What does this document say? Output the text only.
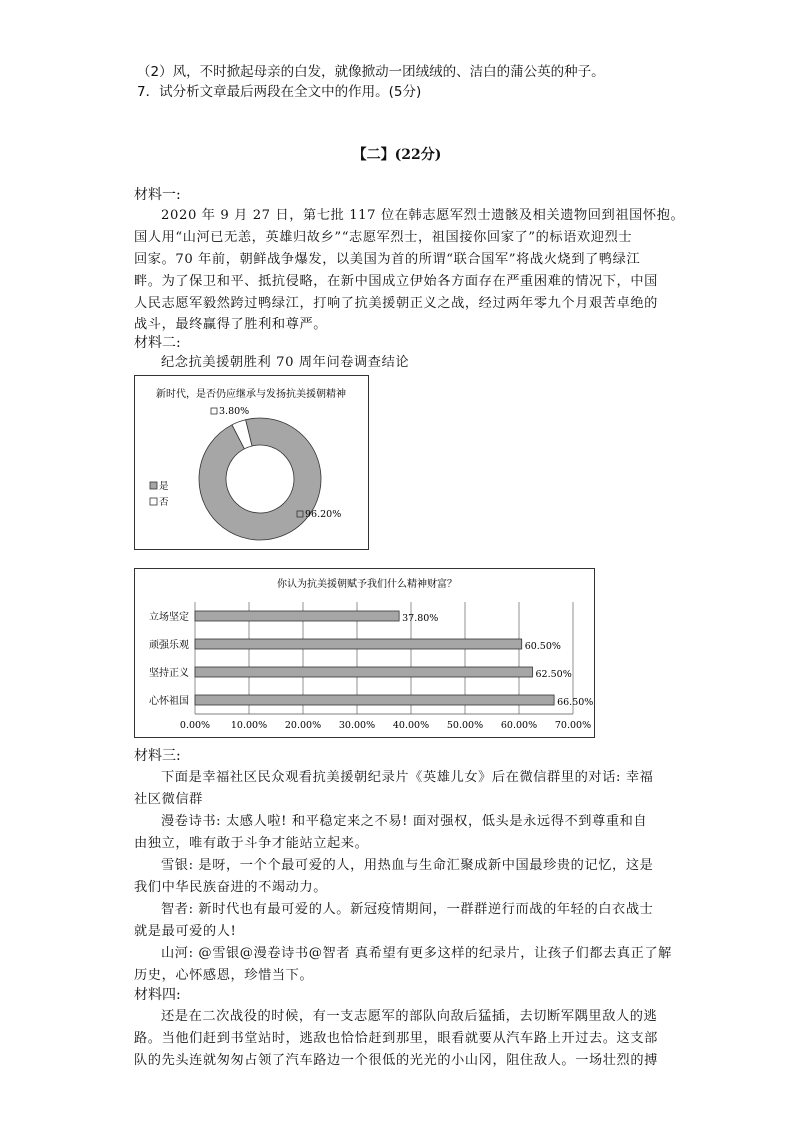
（2）风，不时掀起母亲的白发，就像掀动一团绒绒的、洁白的蒲公英的种子。
7．试分析文章最后两段在全文中的作用。(5分)
【二】(22分)
材料一:
2020 年 9 月 27 日，第七批 117 位在韩志愿军烈士遗骸及相关遗物回到祖国怀抱。
国人用“山河已无恙，英雄归故乡”“志愿军烈士，祖国接你回家了”的标语欢迎烈士
回家。70 年前，朝鲜战争爆发，以美国为首的所谓“联合国军”将战火烧到了鸭绿江
畔。为了保卫和平、抵抗侵略，在新中国成立伊始各方面存在严重困难的情况下，中国
人民志愿军毅然跨过鸭绿江，打响了抗美援朝正义之战，经过两年零九个月艰苦卓绝的
战斗，最终赢得了胜利和尊严。
材料二:
纪念抗美援朝胜利 70 周年问卷调查结论
新时代，是否仍应继承与发扬抗美援朝精神
3.80%
96.20%
是
否
你认为抗美援朝赋予我们什么精神财富？
0.00% 10.00% 20.00% 30.00% 40.00% 50.00% 60.00% 70.00%
立场坚定	37.80%
顽强乐观	60.50%
坚持正义	62.50%
心怀祖国	66.50%
材料三:
下面是幸福社区民众观看抗美援朝纪录片《英雄儿女》后在微信群里的对话: 幸福
社区微信群
漫卷诗书: 太感人啦! 和平稳定来之不易! 面对强权，低头是永远得不到尊重和自
由独立，唯有敢于斗争才能站立起来。
雪银: 是呀，一个个最可爱的人，用热血与生命汇聚成新中国最珍贵的记忆，这是
我们中华民族奋进的不竭动力。
智者: 新时代也有最可爱的人。新冠疫情期间，一群群逆行而战的年轻的白衣战士
就是最可爱的人!
山河: @雪银@漫卷诗书@智者 真希望有更多这样的纪录片，让孩子们都去真正了解
历史，心怀感恩，珍惜当下。
材料四:
还是在二次战役的时候，有一支志愿军的部队向敌后猛插，去切断军隅里敌人的逃
路。当他们赶到书堂站时，逃敌也恰恰赶到那里，眼看就要从汽车路上开过去。这支部
队的先头连就匆匆占领了汽车路边一个很低的光光的小山冈，阻住敌人。一场壮烈的搏
